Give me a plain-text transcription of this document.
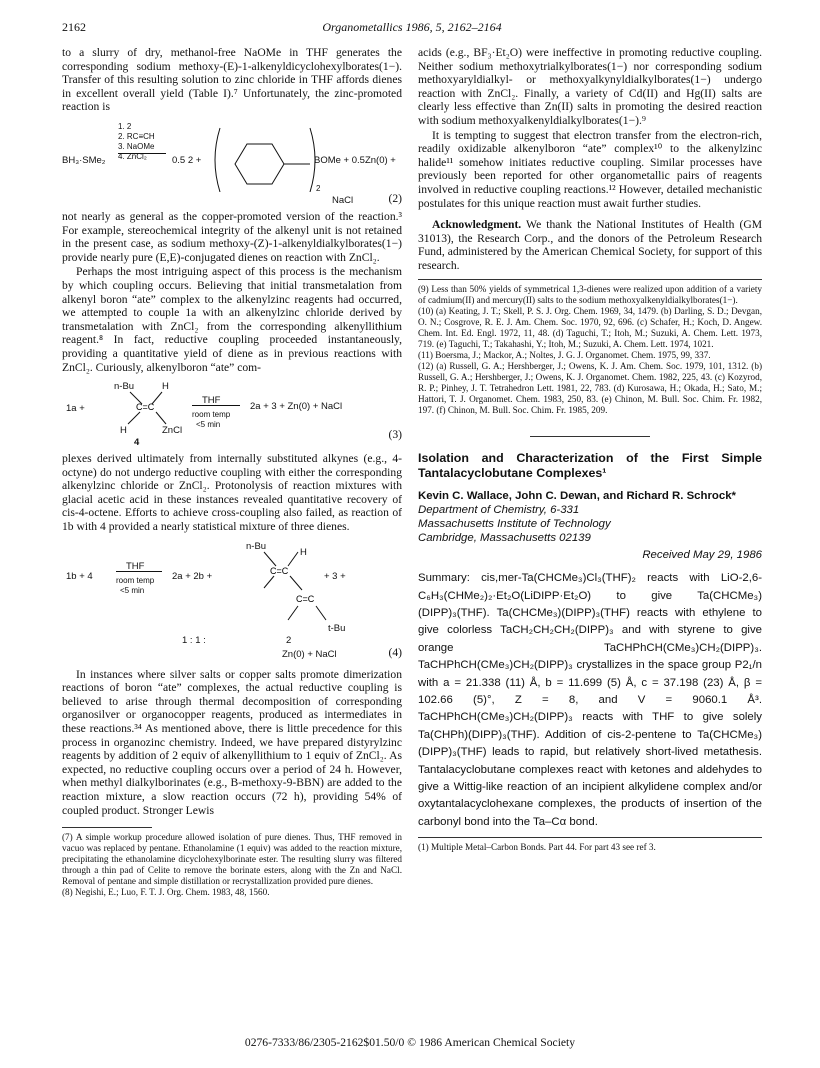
2162	Organometallics 1986, 5, 2162–2164

to a slurry of dry, methanol-free NaOMe in THF generates the corresponding sodium methoxy-(E)-1-alkenyldicyclohexylborates(1−). Transfer of this resulting solution to zinc chloride in THF affords dienes in excellent overall yield (Table I).⁷ Unfortunately, the zinc-promoted reaction is

BH₃·SMe₂
1. 2
2. RC≡CH
3. NaOMe
4. ZnCl₂	0.5 2 +	BOMe + 0.5Zn(0) +
2
NaCl	(2)

not nearly as general as the copper-promoted version of the reaction.³ For example, stereochemical integrity of the alkenyl unit is not retained in the present case, as sodium methoxy-(Z)-1-alkenyldialkylborates(1−) provide nearly pure (E,E)-conjugated dienes on reaction with ZnCl₂.

Perhaps the most intriguing aspect of this process is the mechanism by which coupling occurs. Believing that initial transmetalation from alkenyl boron “ate” complex to the alkenylzinc reagents had occurred, we attempted to couple 1a with an alkenylzinc chloride derived by transmetalation with ZnCl₂ from the corresponding alkenyllithium reagent.⁸ In fact, reductive coupling proceeded instantaneously, providing a quantitative yield of diene as in previous reactions with ZnCl₂. Curiously, alkenylboron “ate” com-

1a +
n-Bu	H
C=C
H	ZnCl
4
THF
room temp
<5 min
2a + 3 + Zn(0) + NaCl
(3)

plexes derived ultimately from internally substituted alkynes (e.g., 4-octyne) do not undergo reductive coupling with either the corresponding alkenylzinc chloride or ZnCl₂. Protonolysis of reaction mixtures with glacial acetic acid in these instances revealed quantitative recovery of cis-4-octene. Efforts to achieve cross-coupling also failed, as reaction of 1b with 4 provided a nearly statistical mixture of three dienes.

1b + 4
THF
room temp
<5 min
2a + 2b +
n-Bu
C=C
C=C
H
+ 3 +
t-Bu
1 : 1 :	2
Zn(0) + NaCl	(4)

In instances where silver salts or copper salts promote dimerization reactions of boron “ate” complexes, the actual reductive coupling is believed to arise through thermal decomposition of corresponding organosilver or organocopper reagents, produced as intermediates in these reactions.³⁴ As mentioned above, there is little precedence for this process in organozinc chemistry. Indeed, we have prepared distyrylzinc reagents by addition of 2 equiv of alkenyllithium to 1 equiv of ZnCl₂. As expected, no reductive coupling occurs over a period of 24 h. However, when methyl dialkylborinates (e.g., B-methoxy-9-BBN) are added to the reaction mixture, a slow reaction occurs (72 h), providing 54% of coupled product. Stronger Lewis

(7) A simple workup procedure allowed isolation of pure dienes. Thus, THF removed in vacuo was replaced by pentane. Ethanolamine (1 equiv) was added to the reaction mixture, precipitating the ethanolamine dicyclohexylborinate ester. The resulting slurry was filtered through a thin pad of Celite to remove the borinate esters, along with the Zn and NaCl. Removal of pentane and simple distillation or recrystallization provided pure dienes.

(8) Negishi, E.; Luo, F. T. J. Org. Chem. 1983, 48, 1560.

acids (e.g., BF₃·Et₂O) were ineffective in promoting reductive coupling. Neither sodium methoxytrialkylborates(1−) nor corresponding sodium methoxyaryldialkyl- or methoxyalkynyldialkylborates(1−) undergo reaction with ZnCl₂. Finally, a variety of Cd(II) and Hg(II) salts are clearly less effective than Zn(II) salts in promoting the desired reaction with sodium methoxyalkenyldialkylborates(1−).⁹

It is tempting to suggest that electron transfer from the electron-rich, readily oxidizable alkenylboron “ate” complex¹⁰ to the alkenylzinc halide¹¹ somehow initiates reductive coupling. Similar processes have previously been reported for other organometallic pairs of reagents involved in reductive coupling reactions.¹² However, detailed mechanistic postulates for this unique reaction must await further studies.

Acknowledgment. We thank the National Institutes of Health (GM 31013), the Research Corp., and the donors of the Petroleum Research Fund, administered by the American Chemical Society, for support of this research.

(9) Less than 50% yields of symmetrical 1,3-dienes were realized upon addition of a variety of cadmium(II) and mercury(II) salts to the sodium methoxyalkenyldialkylborates(1−).

(10) (a) Keating, J. T.; Skell, P. S. J. Org. Chem. 1969, 34, 1479. (b) Darling, S. D.; Devgan, O. N.; Cosgrove, R. E. J. Am. Chem. Soc. 1970, 92, 696. (c) Schafer, H.; Koch, D. Angew. Chem. Int. Ed. Engl. 1972, 11, 48. (d) Taguchi, T.; Itoh, M.; Suzuki, A. Chem. Lett. 1973, 719. (e) Taguchi, T.; Takahashi, Y.; Itoh, M.; Suzuki, A. Chem. Lett. 1974, 1021.

(11) Boersma, J.; Mackor, A.; Noltes, J. G. J. Organomet. Chem. 1975, 99, 337.

(12) (a) Russell, G. A.; Hershberger, J.; Owens, K. J. Am. Chem. Soc. 1979, 101, 1312. (b) Russell, G. A.; Hershberger, J.; Owens, K. J. Organomet. Chem. 1982, 225, 43. (c) Kozyrod, R. P.; Pinhey, J. T. Tetrahedron Lett. 1981, 22, 783. (d) Kurosawa, H.; Okada, H.; Sato, M.; Hattori, T. J. Organomet. Chem. 1983, 250, 83. (e) Chinon, M. Bull. Soc. Chim. Fr. 1982, 197. (f) Chinon, M. Bull. Soc. Chim. Fr. 1985, 209.

Isolation and Characterization of the First Simple Tantalacyclobutane Complexes¹
Kevin C. Wallace, John C. Dewan, and Richard R. Schrock*
Department of Chemistry, 6-331
Massachusetts Institute of Technology
Cambridge, Massachusetts 02139
Received May 29, 1986
Summary: cis,mer-Ta(CHCMe₃)Cl₃(THF)₂ reacts with LiO-2,6-C₆H₃(CHMe₂)₂·Et₂O(LiDIPP·Et₂O) to give Ta(CHCMe₃)(DIPP)₃(THF). Ta(CHCMe₃)(DIPP)₃(THF) reacts with ethylene to give colorless TaCH₂CH₂CH₂(DIPP)₃ and with styrene to give orange TaCHPhCH(CMe₃)CH₂(DIPP)₃. TaCHPhCH(CMe₃)CH₂(DIPP)₃ crystallizes in the space group P2₁/n with a = 21.338 (11) Å, b = 11.699 (5) Å, c = 37.198 (23) Å, β = 102.66 (5)°, Z = 8, and V = 9060.1 Å³. TaCHPhCH(CMe₃)CH₂(DIPP)₃ reacts with THF to give solely Ta(CHPh)(DIPP)₃(THF). Addition of cis-2-pentene to Ta(CHCMe₃)(DIPP)₃(THF) leads to rapid, but relatively short-lived metathesis. Tantalacyclobutane complexes react with ketones and aldehydes to give a Wittig-like reaction of an incipient alkylidene complex and/or oxytantalacyclohexane complexes, the products of insertion of the carbonyl bond into the Ta–Cα bond.

(1) Multiple Metal–Carbon Bonds. Part 44. For part 43 see ref 3.

0276-7333/86/2305-2162$01.50/0 © 1986 American Chemical Society
